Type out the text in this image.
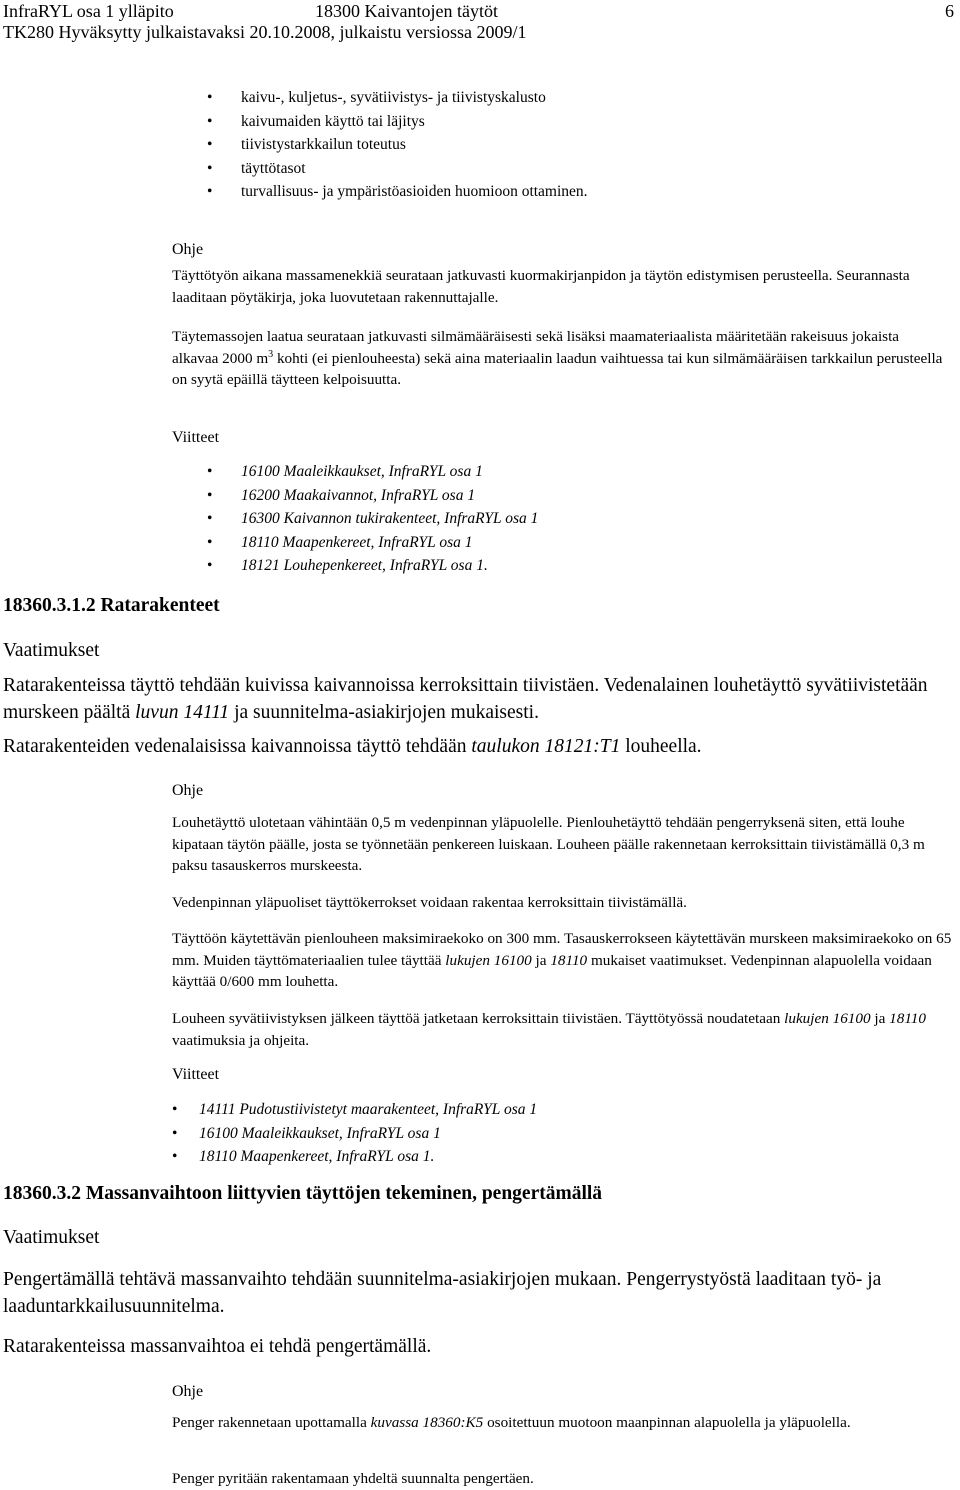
InfraRYL osa 1 ylläpito	18300 Kaivantojen täytöt	6
TK280 Hyväksytty julkaistavaksi 20.10.2008, julkaistu versiossa 2009/1
• kaivu-, kuljetus-, syvätiivistys- ja tiivistyskalusto
• kaivumaiden käyttö tai läjitys
• tiivistystarkkailun toteutus
• täyttötasot
• turvallisuus- ja ympäristöasioiden huomioon ottaminen.
Ohje

Täyttötyön aikana massamenekkiä seurataan jatkuvasti kuormakirjanpidon ja täytön edistymisen perusteella. Seurannasta laaditaan pöytäkirja, joka luovutetaan rakennuttajalle.

Täytemassojen laatua seurataan jatkuvasti silmämääräisesti sekä lisäksi maamateriaalista määritetään rakeisuus jokaista alkavaa 2000 $m^3$ kohti (ei pienlouheesta) sekä aina materiaalin laadun vaihtuessa tai kun silmämääräisen tarkkailun perusteella on syytä epäillä täytteen kelpoisuutta.

Viitteet
• 16100 Maaleikkaukset, InfraRYL osa 1
• 16200 Maakaivannot, InfraRYL osa 1
• 16300 Kaivannon tukirakenteet, InfraRYL osa 1
• 18110 Maapenkereet, InfraRYL osa 1
• 18121 Louhepenkereet, InfraRYL osa 1.
18360.3.1.2 Ratarakenteet
Vaatimukset

Ratarakenteissa täyttö tehdään kuivissa kaivannoissa kerroksittain tiivistäen. Vedenalainen louhetäyttö syvätiivistetään murskeen päältä luvun 14111 ja suunnitelma-asiakirjojen mukaisesti.

Ratarakenteiden vedenalaisissa kaivannoissa täyttö tehdään taulukon 18121:T1 louheella.

Ohje

Louhetäyttö ulotetaan vähintään 0,5 m vedenpinnan yläpuolelle. Pienlouhetäyttö tehdään pengerryksenä siten, että louhe kipataan täytön päälle, josta se työnnetään penkereen luiskaan. Louheen päälle rakennetaan kerroksittain tiivistämällä 0,3 m paksu tasauskerros murskeesta.

Vedenpinnan yläpuoliset täyttökerrokset voidaan rakentaa kerroksittain tiivistämällä.

Täyttöön käytettävän pienlouheen maksimiraekoko on 300 mm. Tasauskerrokseen käytettävän murskeen maksimiraekoko on 65 mm. Muiden täyttömateriaalien tulee täyttää lukujen 16100 ja 18110 mukaiset vaatimukset. Vedenpinnan alapuolella voidaan käyttää 0/600 mm louhetta.

Louheen syvätiivistyksen jälkeen täyttöä jatketaan kerroksittain tiivistäen. Täyttötyössä noudatetaan lukujen 16100 ja 18110 vaatimuksia ja ohjeita.

Viitteet
• 14111 Pudotustiivistetyt maarakenteet, InfraRYL osa 1
• 16100 Maaleikkaukset, InfraRYL osa 1
• 18110 Maapenkereet, InfraRYL osa 1.
18360.3.2 Massanvaihtoon liittyvien täyttöjen tekeminen, pengertämällä
Vaatimukset

Pengertämällä tehtävä massanvaihto tehdään suunnitelma-asiakirjojen mukaan. Pengerrystyöstä laaditaan työ- ja laaduntarkkailusuunnitelma.

Ratarakenteissa massanvaihtoa ei tehdä pengertämällä.

Ohje

Penger rakennetaan upottamalla kuvassa 18360:K5 osoitettuun muotoon maanpinnan alapuolella ja yläpuolella.

Penger pyritään rakentamaan yhdeltä suunnalta pengertäen.
